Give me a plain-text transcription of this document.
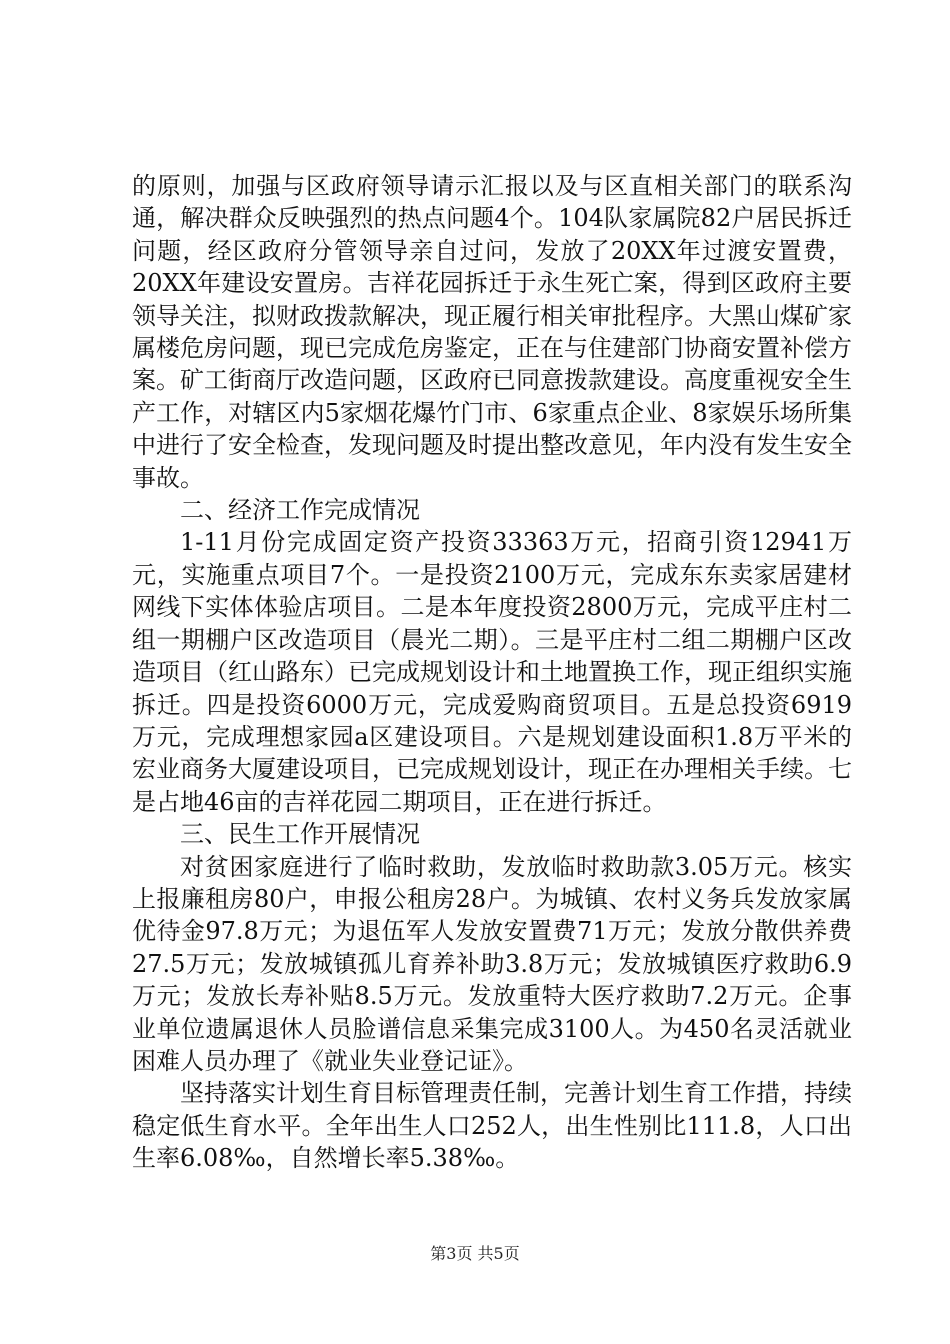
的原则，加强与区政府领导请示汇报以及与区直相关部门的联系沟通，解决群众反映强烈的热点问题4个。104队家属院82户居民拆迁问题，经区政府分管领导亲自过问，发放了20XX年过渡安置费，20XX年建设安置房。吉祥花园拆迁于永生死亡案，得到区政府主要领导关注，拟财政拨款解决，现正履行相关审批程序。大黑山煤矿家属楼危房问题，现已完成危房鉴定，正在与住建部门协商安置补偿方案。矿工街商厅改造问题，区政府已同意拨款建设。高度重视安全生产工作，对辖区内5家烟花爆竹门市、6家重点企业、8家娱乐场所集中进行了安全检查，发现问题及时提出整改意见，年内没有发生安全事故。

二、经济工作完成情况

1-11月份完成固定资产投资33363万元，招商引资12941万元，实施重点项目7个。一是投资2100万元，完成东东卖家居建材网线下实体体验店项目。二是本年度投资2800万元，完成平庄村二组一期棚户区改造项目（晨光二期）。三是平庄村二组二期棚户区改造项目（红山路东）已完成规划设计和土地置换工作，现正组织实施拆迁。四是投资6000万元，完成爱购商贸项目。五是总投资6919万元，完成理想家园a区建设项目。六是规划建设面积1.8万平米的宏业商务大厦建设项目，已完成规划设计，现正在办理相关手续。七是占地46亩的吉祥花园二期项目，正在进行拆迁。

三、民生工作开展情况

对贫困家庭进行了临时救助，发放临时救助款3.05万元。核实上报廉租房80户，申报公租房28户。为城镇、农村义务兵发放家属优待金97.8万元；为退伍军人发放安置费71万元；发放分散供养费27.5万元；发放城镇孤儿育养补助3.8万元；发放城镇医疗救助6.9万元；发放长寿补贴8.5万元。发放重特大医疗救助7.2万元。企事业单位遗属退休人员脸谱信息采集完成3100人。为450名灵活就业困难人员办理了《就业失业登记证》。

坚持落实计划生育目标管理责任制，完善计划生育工作措，持续稳定低生育水平。全年出生人口252人，出生性别比111.8，人口出生率6.08‰，自然增长率5.38‰。

第3页 共5页
